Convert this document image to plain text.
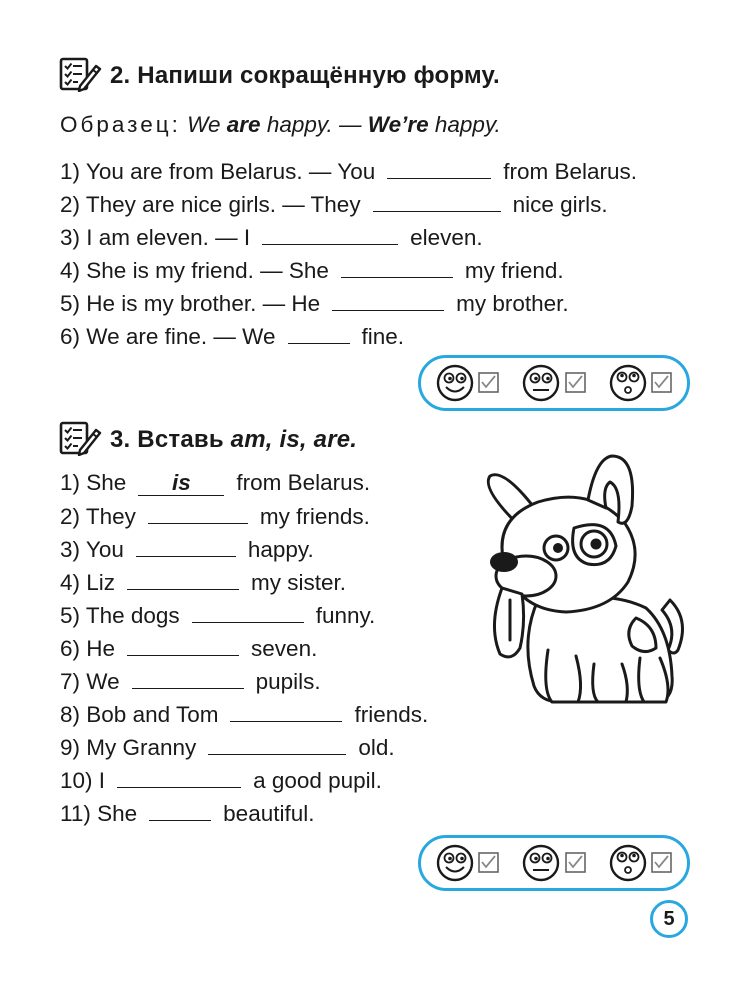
2. Напиши сокращённую форму.
Образец: We are happy. — We’re happy.
1) You are from Belarus. — You	from Belarus.
2) They are nice girls. — They	nice girls.
3) I am eleven. — I	eleven.
4) She is my friend. — She	my friend.
5) He is my brother. — He	my brother.
6) We are fine. — We	fine.
3. Вставь am, is, are.
1) She is from Belarus.
2) They	my friends.
3) You	happy.
4) Liz	my sister.
5) The dogs	funny.
6) He	seven.
7) We	pupils.
8) Bob and Tom	friends.
9) My Granny	old.
10) I	a good pupil.
11) She	beautiful.
5
